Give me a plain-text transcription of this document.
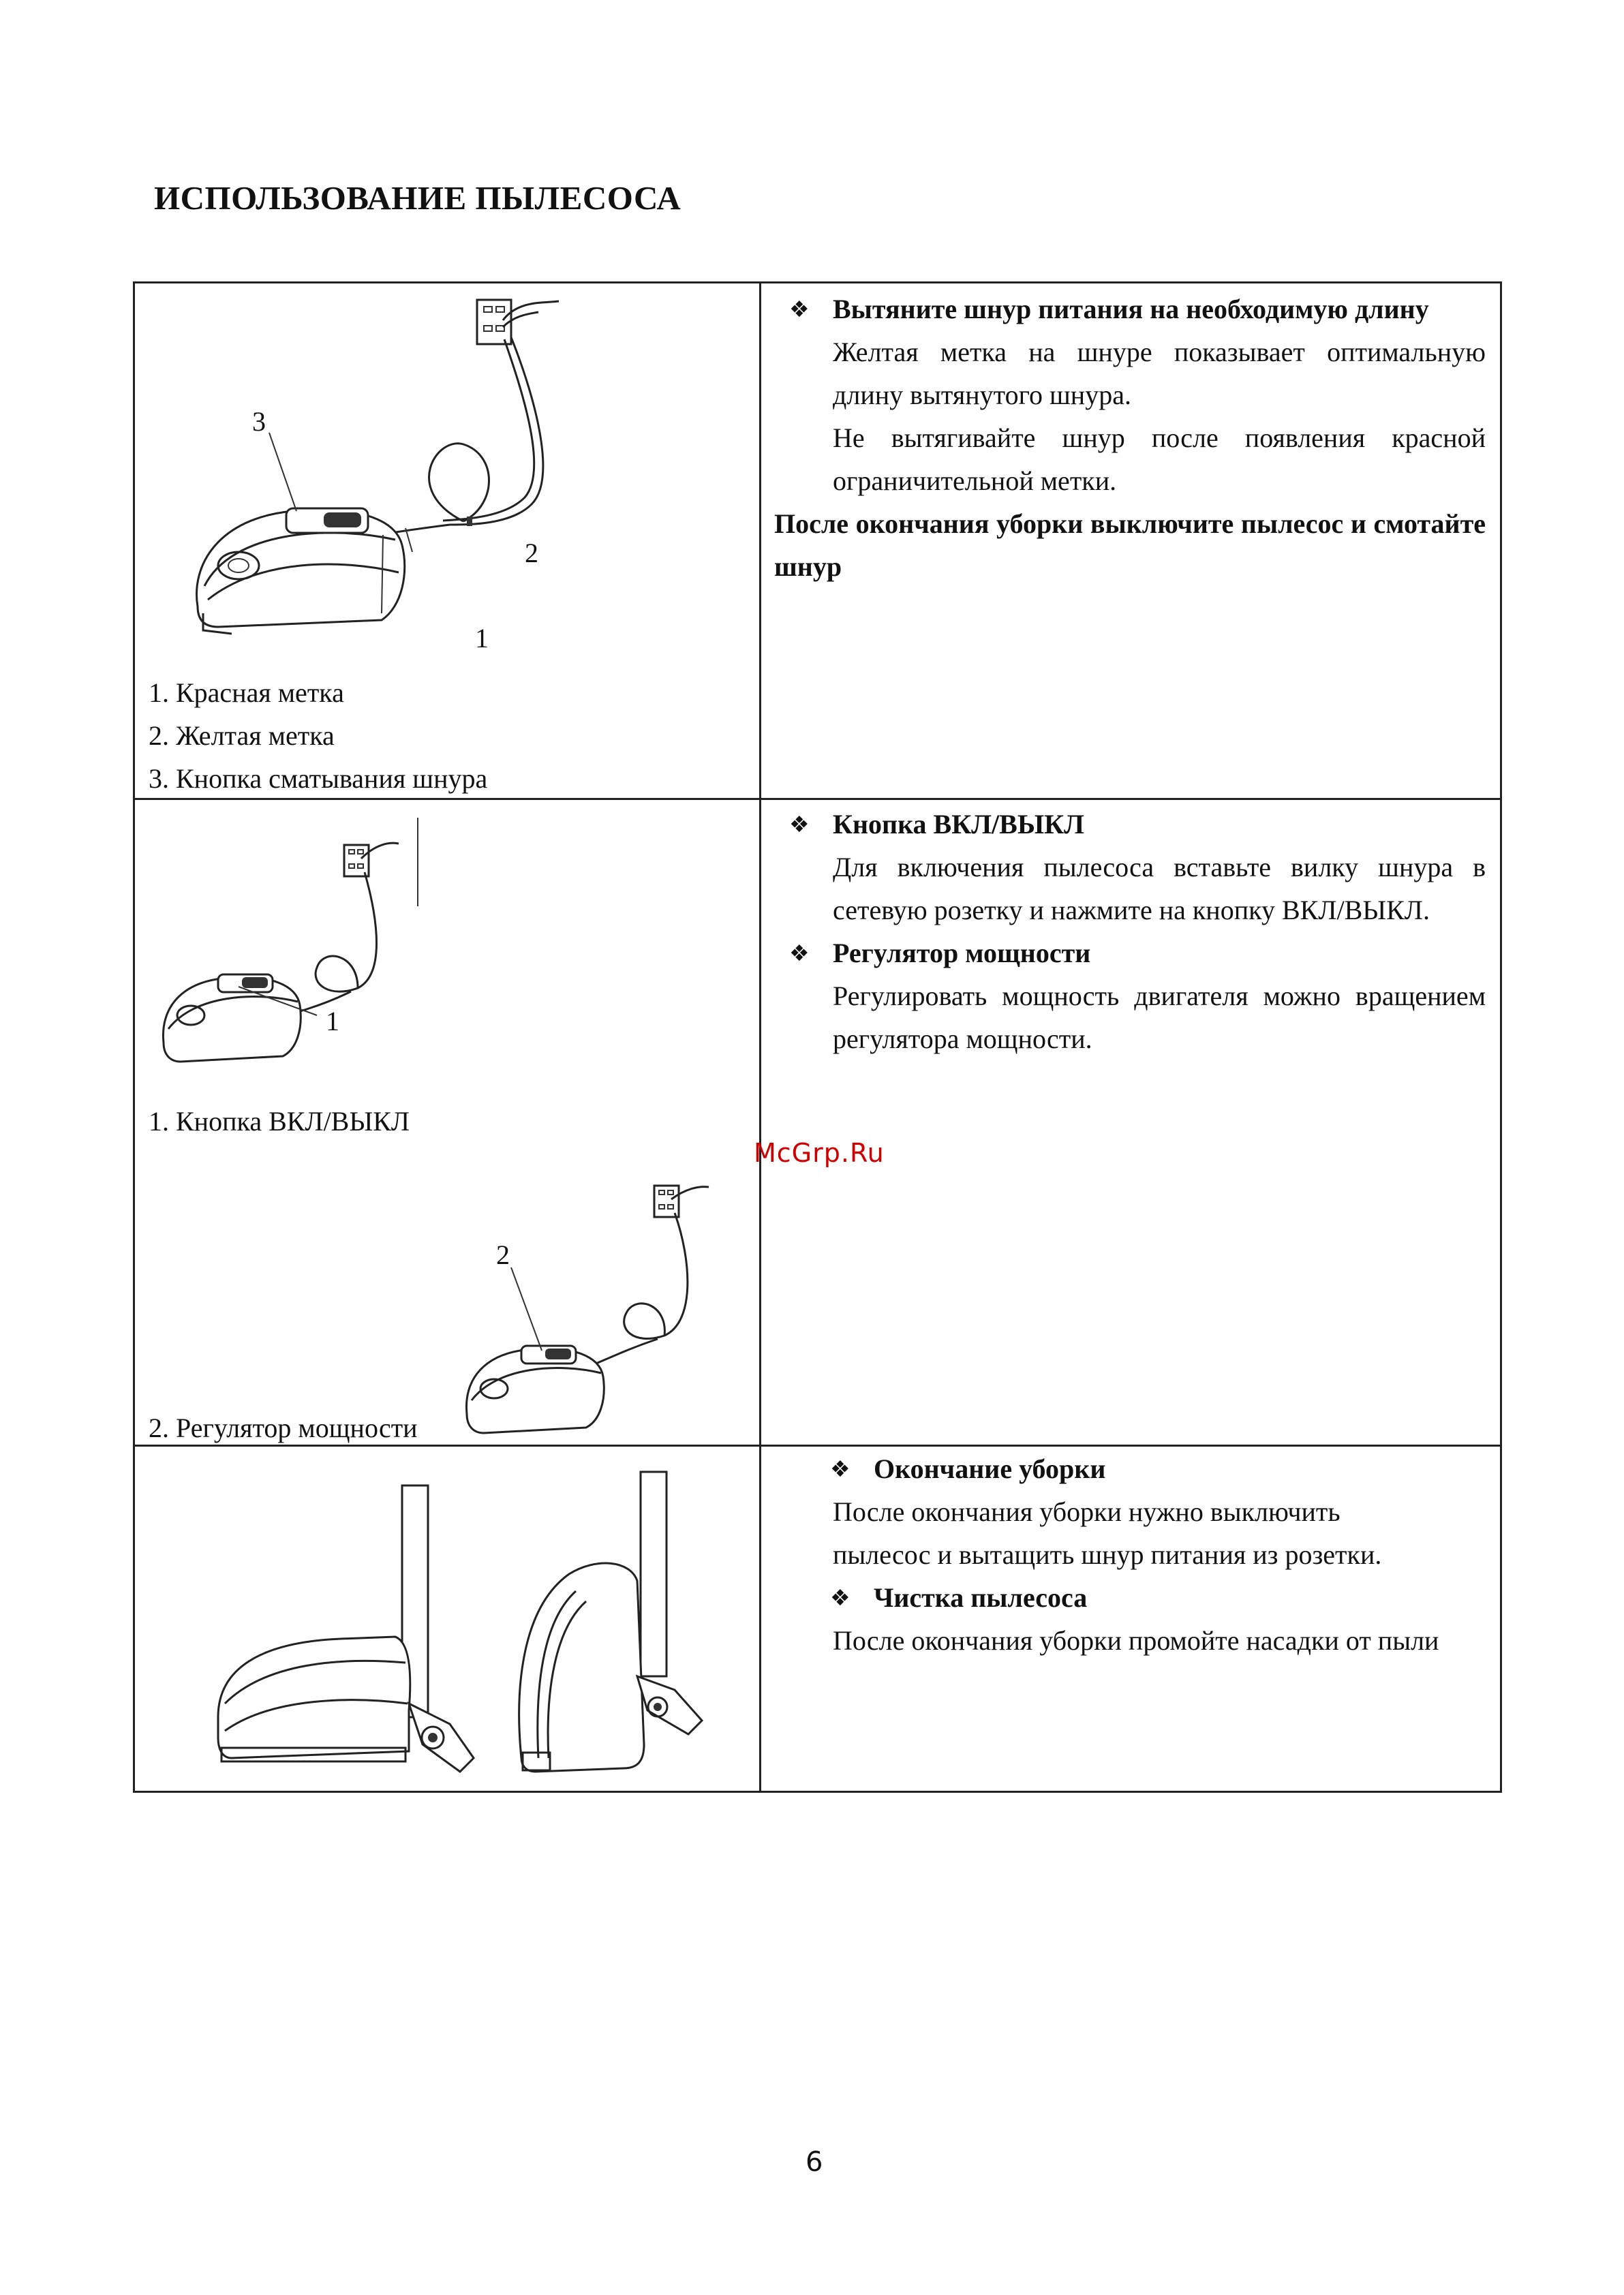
ИСПОЛЬЗОВАНИЕ ПЫЛЕСОСА
3
2
1
1. Красная метка
2. Желтая метка
3. Кнопка сматывания шнура
❖ Вытяните шнур питания на необходимую длину
Желтая метка на шнуре показывает оптимальную длину вытянутого шнура.
Не вытягивайте шнур после появления красной ограничительной метки.
После окончания уборки выключите пылесос и смотайте шнур
1
1. Кнопка ВКЛ/ВЫКЛ
2
2. Регулятор мощности
❖ Кнопка ВКЛ/ВЫКЛ
Для включения пылесоса вставьте вилку шнура в сетевую розетку и нажмите на кнопку ВКЛ/ВЫКЛ.
❖ Регулятор мощности
Регулировать мощность двигателя можно вращением регулятора мощности.
McGrp.Ru
❖ Окончание уборки
После окончания уборки нужно выключить
пылесос и вытащить шнур питания из розетки.
❖ Чистка пылесоса
После окончания уборки промойте насадки от пыли
6
